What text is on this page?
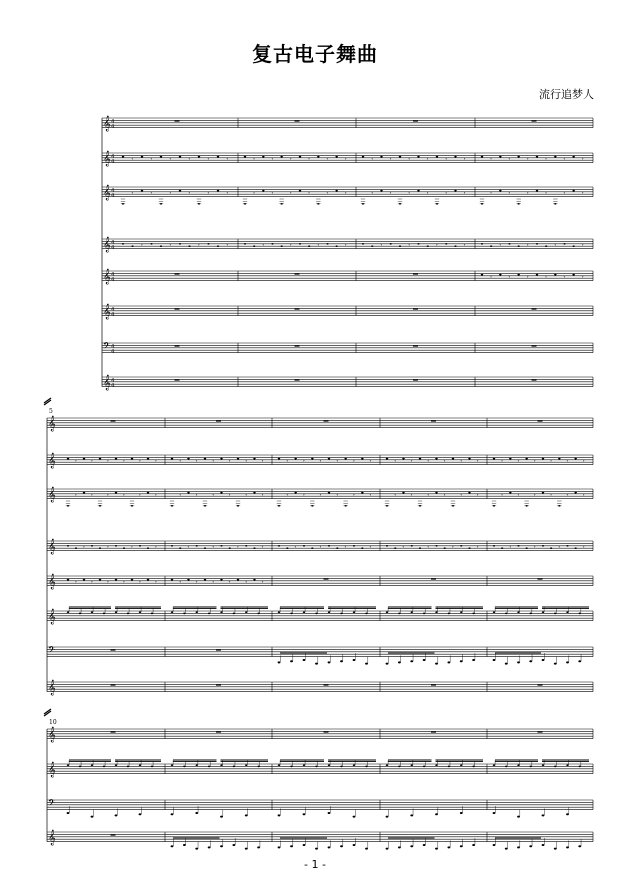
复古电子舞曲
流行追梦人
𝄞 4
4
𝄞 4
4	𝄾	𝄾	𝄾	𝄾	𝄾	𝄾	𝄾	𝄾	𝄾	𝄾	𝄾	𝄾	𝄾	𝄾	𝄾	𝄾	𝄾	𝄾	𝄾	𝄾	𝄾	𝄾	𝄾	𝄾
𝄞 4
4	𝄾	𝄾	𝄾	𝄾	𝄾	𝄾	𝄾	𝄾	𝄾	𝄾	𝄾	𝄾	𝄾	𝄾	𝄾	𝄾	𝄾	𝄾	𝄾	𝄾	𝄾	𝄾	𝄾	𝄾
𝄞 4
4	𝄾	𝄾	𝄾	𝄾	𝄾	𝄾	𝄾	𝄾	𝄾	𝄾	𝄾	𝄾	𝄾	𝄾	𝄾	𝄾
𝄞 4
4	𝄾	𝄾	𝄾	𝄾	𝄾	𝄾
𝄞 4
4
𝄢 4
4
𝄞 4
4
𝄞
𝄞	𝄾 𝄾 𝄾 𝄾 𝄾 𝄾	𝄾 𝄾 𝄾 𝄾 𝄾 𝄾	𝄾	𝄾	𝄾	𝄾	𝄾	𝄾	𝄾 𝄾 𝄾 𝄾 𝄾 𝄾	𝄾 𝄾 𝄾 𝄾 𝄾 𝄾
𝄞	𝄾 𝄾 𝄾 𝄾 𝄾 𝄾	𝄾 𝄾 𝄾 𝄾 𝄾 𝄾	𝄾	𝄾	𝄾	𝄾	𝄾	𝄾	𝄾 𝄾 𝄾 𝄾 𝄾 𝄾	𝄾 𝄾 𝄾 𝄾 𝄾 𝄾
𝄞	𝄾	𝄾	𝄾	𝄾	𝄾	𝄾	𝄾	𝄾	𝄾	𝄾	𝄾	𝄾	𝄾	𝄾	𝄾	𝄾	𝄾	𝄾	𝄾	𝄾
𝄞	𝄾 𝄾 𝄾 𝄾 𝄾 𝄾	𝄾 𝄾 𝄾 𝄾 𝄾 𝄾
𝄞
𝄢
𝄞
𝄞
𝄞
𝄢
𝄞
5
10
- 1 -
